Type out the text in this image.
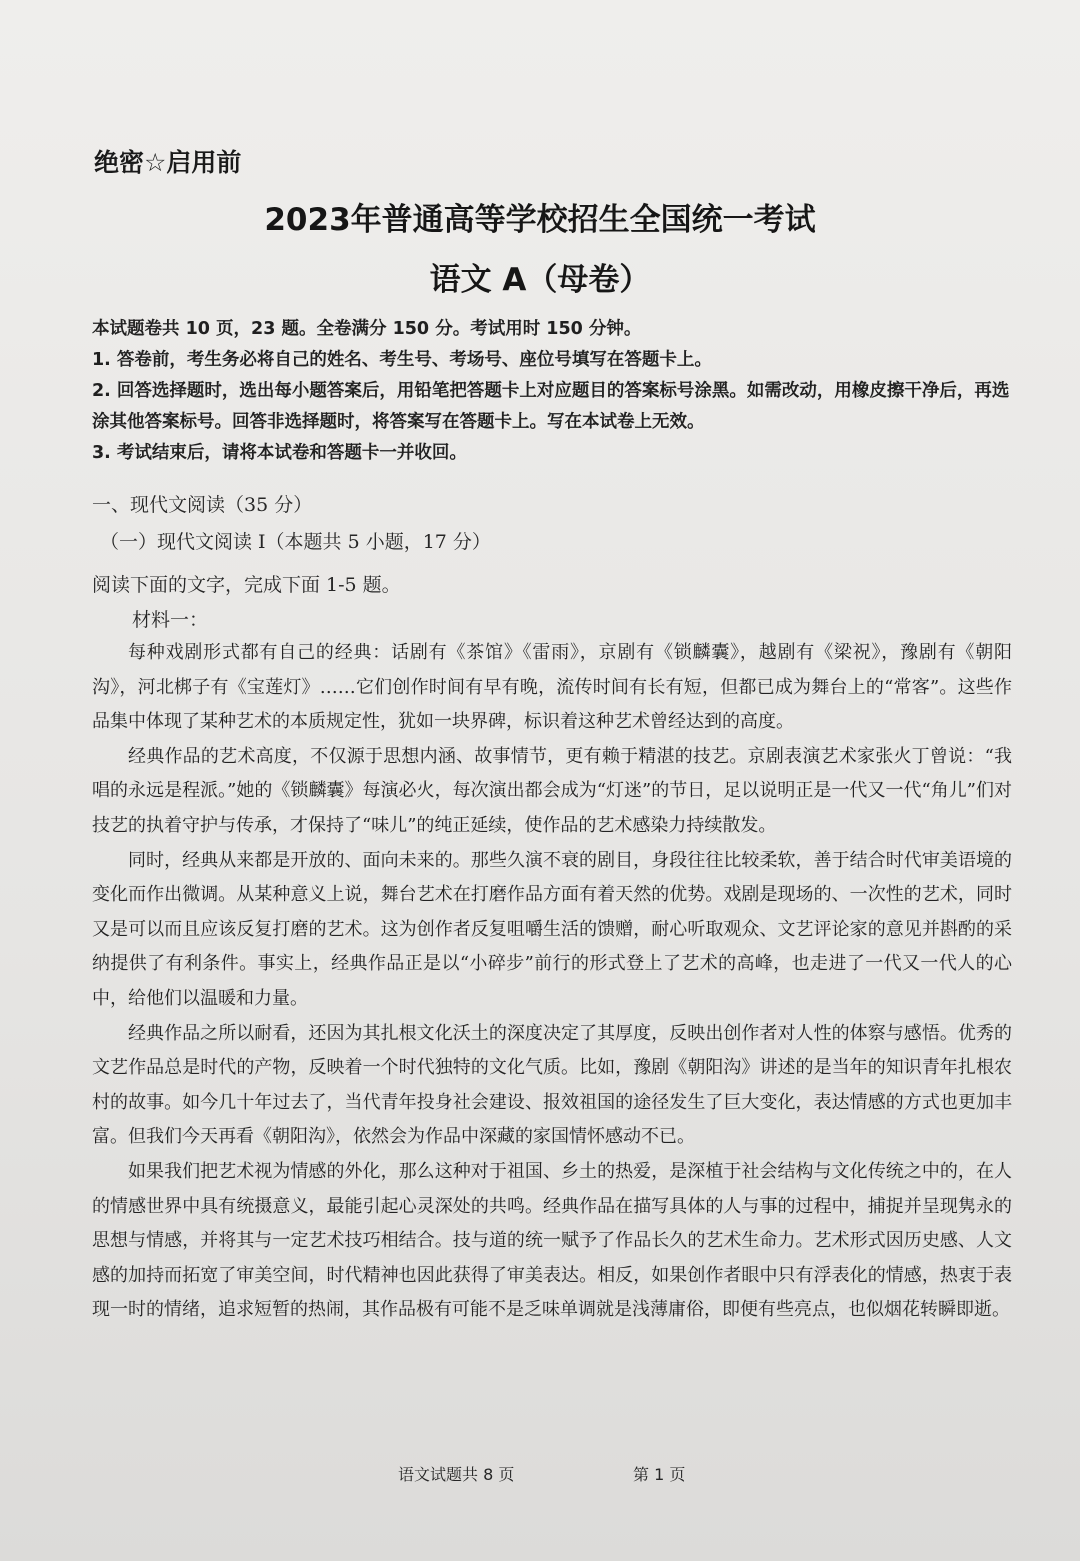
绝密☆启用前
2023年普通高等学校招生全国统一考试
语文 A（母卷）

本试题卷共 10 页，23 题。全卷满分 150 分。考试用时 150 分钟。

1. 答卷前，考生务必将自己的姓名、考生号、考场号、座位号填写在答题卡上。

2. 回答选择题时，选出每小题答案后，用铅笔把答题卡上对应题目的答案标号涂黑。如需改动，用橡皮擦干净后，再选涂其他答案标号。回答非选择题时，将答案写在答题卡上。写在本试卷上无效。

3. 考试结束后，请将本试卷和答题卡一并收回。

一、现代文阅读（35 分）
（一）现代文阅读 I（本题共 5 小题，17 分）
阅读下面的文字，完成下面 1-5 题。
材料一：

每种戏剧形式都有自己的经典：话剧有《茶馆》《雷雨》，京剧有《锁麟囊》，越剧有《梁祝》，豫剧有《朝阳沟》，河北梆子有《宝莲灯》……它们创作时间有早有晚，流传时间有长有短，但都已成为舞台上的“常客”。这些作品集中体现了某种艺术的本质规定性，犹如一块界碑，标识着这种艺术曾经达到的高度。

经典作品的艺术高度，不仅源于思想内涵、故事情节，更有赖于精湛的技艺。京剧表演艺术家张火丁曾说：“我唱的永远是程派。”她的《锁麟囊》每演必火，每次演出都会成为“灯迷”的节日，足以说明正是一代又一代“角儿”们对技艺的执着守护与传承，才保持了“味儿”的纯正延续，使作品的艺术感染力持续散发。

同时，经典从来都是开放的、面向未来的。那些久演不衰的剧目，身段往往比较柔软，善于结合时代审美语境的变化而作出微调。从某种意义上说，舞台艺术在打磨作品方面有着天然的优势。戏剧是现场的、一次性的艺术，同时又是可以而且应该反复打磨的艺术。这为创作者反复咀嚼生活的馈赠，耐心听取观众、文艺评论家的意见并斟酌的采纳提供了有利条件。事实上，经典作品正是以“小碎步”前行的形式登上了艺术的高峰，也走进了一代又一代人的心中，给他们以温暖和力量。

经典作品之所以耐看，还因为其扎根文化沃土的深度决定了其厚度，反映出创作者对人性的体察与感悟。优秀的文艺作品总是时代的产物，反映着一个时代独特的文化气质。比如，豫剧《朝阳沟》讲述的是当年的知识青年扎根农村的故事。如今几十年过去了，当代青年投身社会建设、报效祖国的途径发生了巨大变化，表达情感的方式也更加丰富。但我们今天再看《朝阳沟》，依然会为作品中深藏的家国情怀感动不已。

如果我们把艺术视为情感的外化，那么这种对于祖国、乡土的热爱，是深植于社会结构与文化传统之中的，在人的情感世界中具有统摄意义，最能引起心灵深处的共鸣。经典作品在描写具体的人与事的过程中，捕捉并呈现隽永的思想与情感，并将其与一定艺术技巧相结合。技与道的统一赋予了作品长久的艺术生命力。艺术形式因历史感、人文感的加持而拓宽了审美空间，时代精神也因此获得了审美表达。相反，如果创作者眼中只有浮表化的情感，热衷于表现一时的情绪，追求短暂的热闹，其作品极有可能不是乏味单调就是浅薄庸俗，即便有些亮点，也似烟花转瞬即逝。

语文试题共 8 页	第 1 页
